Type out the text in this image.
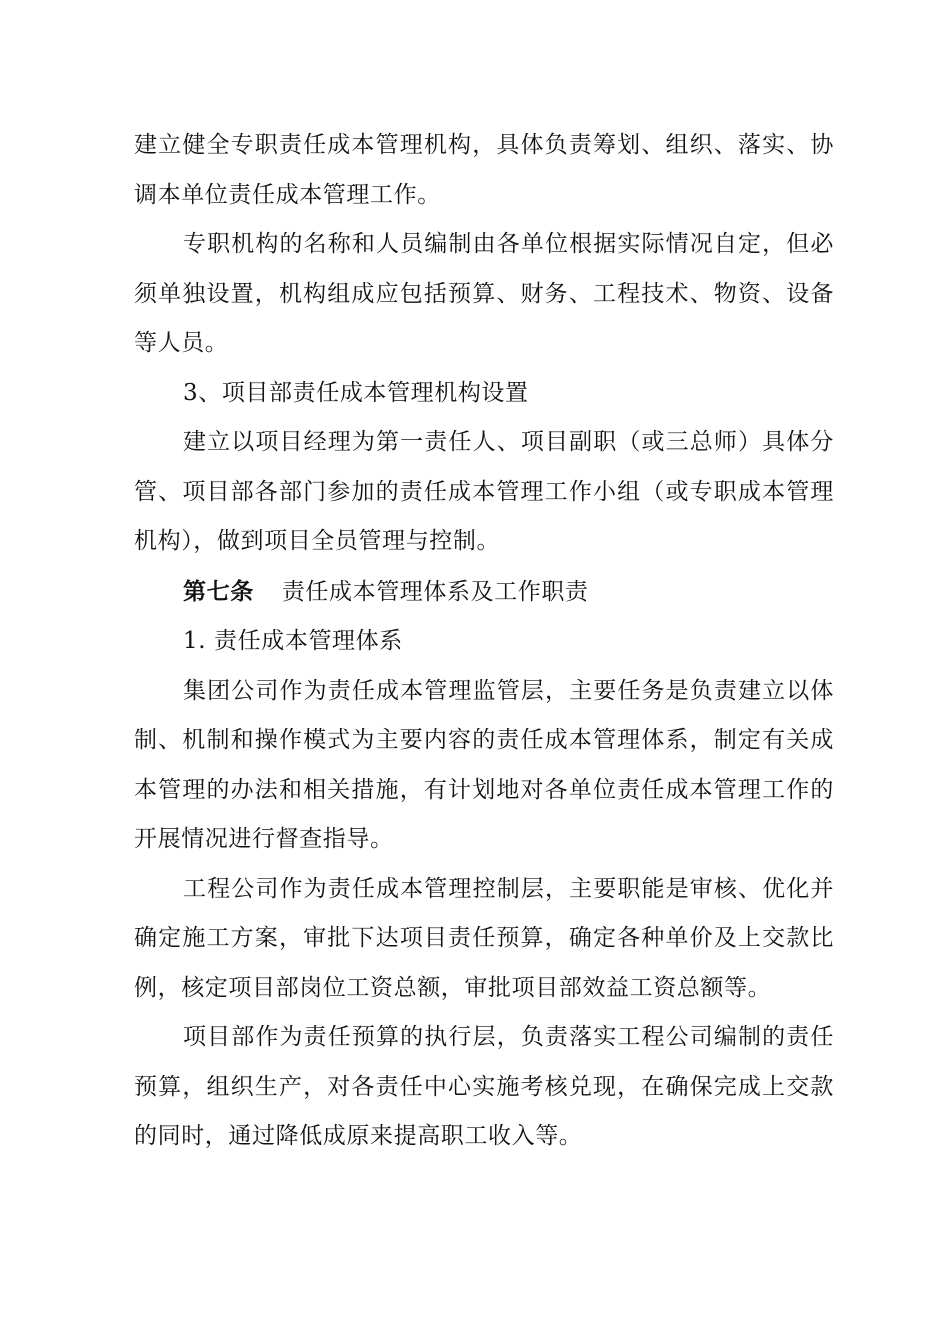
建立健全专职责任成本管理机构，具体负责筹划、组织、落实、协调本单位责任成本管理工作。

专职机构的名称和人员编制由各单位根据实际情况自定，但必须单独设置，机构组成应包括预算、财务、工程技术、物资、设备等人员。

3、项目部责任成本管理机构设置

建立以项目经理为第一责任人、项目副职（或三总师）具体分管、项目部各部门参加的责任成本管理工作小组（或专职成本管理机构），做到项目全员管理与控制。

第七条 责任成本管理体系及工作职责

1. 责任成本管理体系

集团公司作为责任成本管理监管层，主要任务是负责建立以体制、机制和操作模式为主要内容的责任成本管理体系，制定有关成本管理的办法和相关措施，有计划地对各单位责任成本管理工作的开展情况进行督查指导。

工程公司作为责任成本管理控制层，主要职能是审核、优化并确定施工方案，审批下达项目责任预算，确定各种单价及上交款比例，核定项目部岗位工资总额，审批项目部效益工资总额等。

项目部作为责任预算的执行层，负责落实工程公司编制的责任预算，组织生产，对各责任中心实施考核兑现，在确保完成上交款的同时，通过降低成原来提高职工收入等。
